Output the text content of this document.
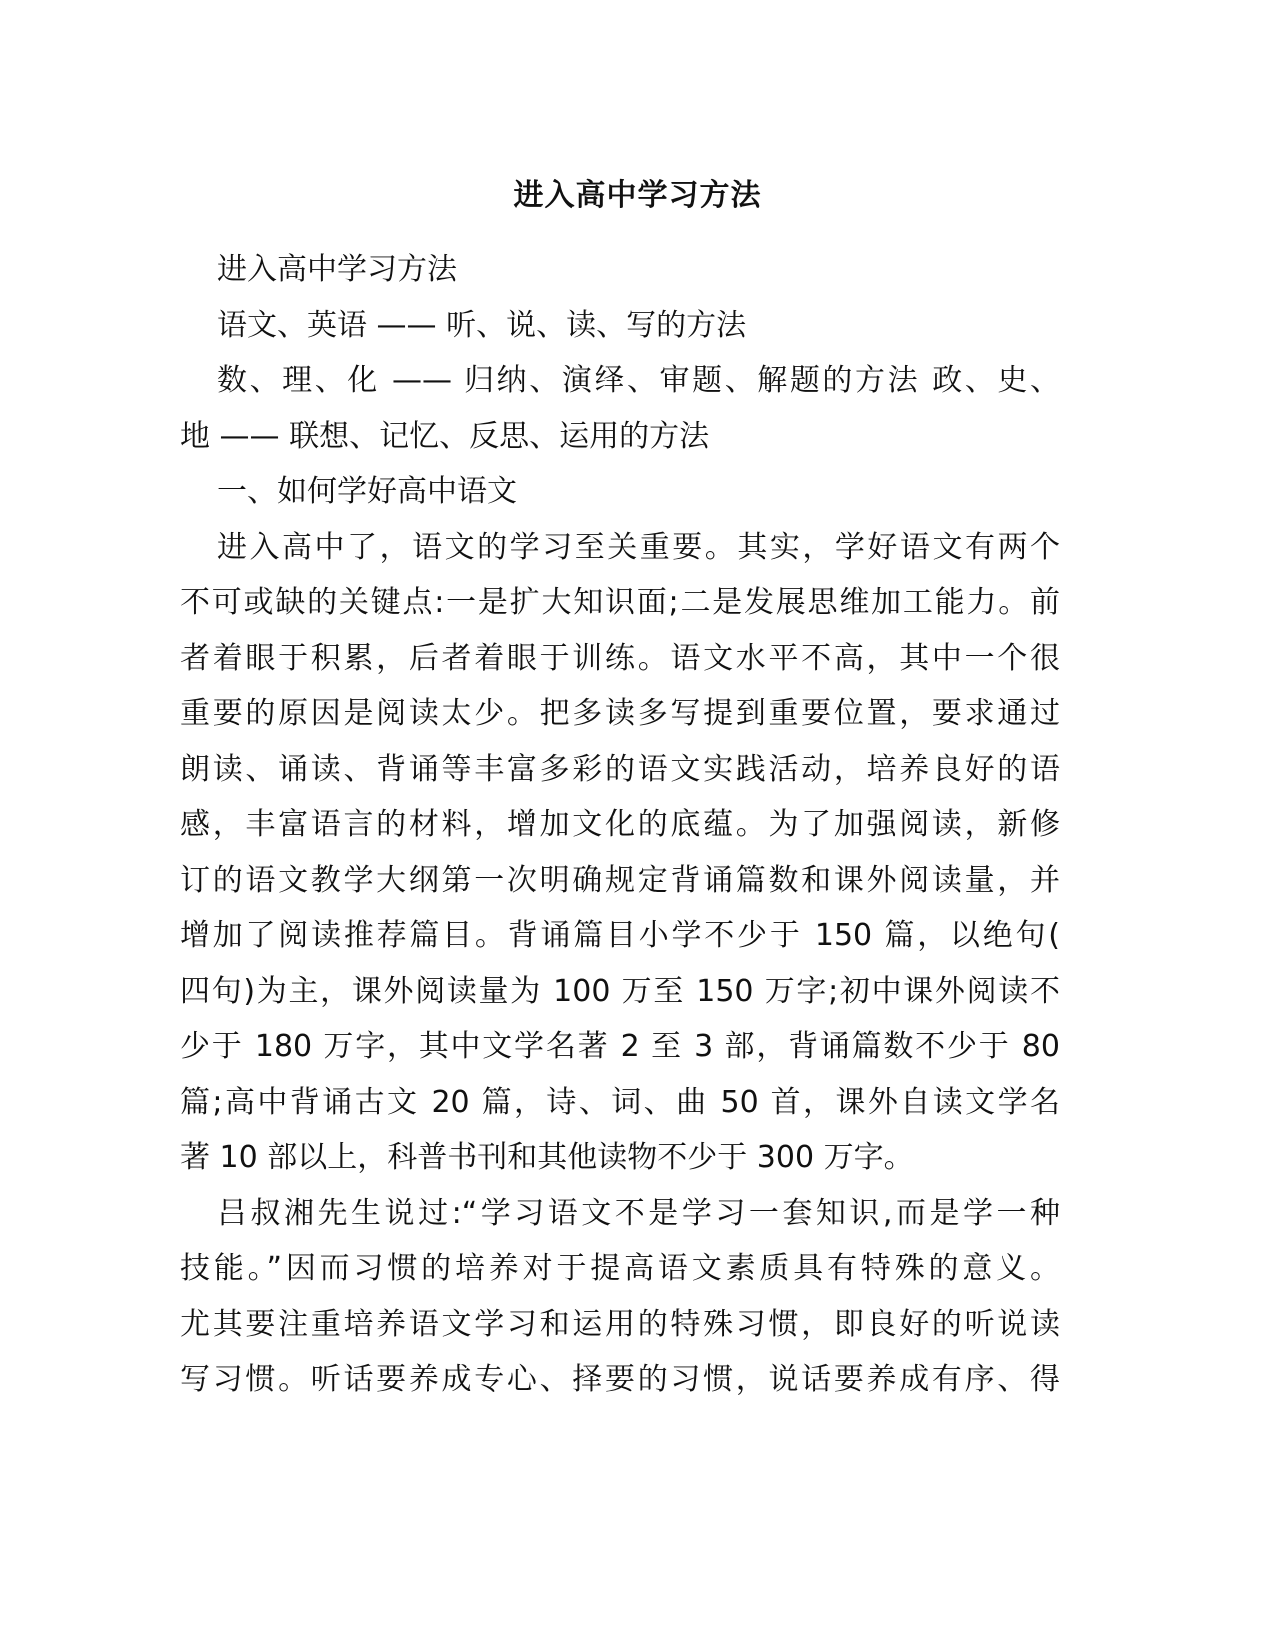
进入高中学习方法

进入高中学习方法

语文、英语 —— 听、说、读、写的方法

数、理、化 —— 归纳、演绎、审题、解题的方法 政、史、

地 —— 联想、记忆、反思、运用的方法

一、如何学好高中语文

进入高中了，语文的学习至关重要。其实，学好语文有两个

不可或缺的关键点:一是扩大知识面;二是发展思维加工能力。前

者着眼于积累，后者着眼于训练。语文水平不高，其中一个很

重要的原因是阅读太少。把多读多写提到重要位置，要求通过

朗读、诵读、背诵等丰富多彩的语文实践活动，培养良好的语

感，丰富语言的材料，增加文化的底蕴。为了加强阅读，新修

订的语文教学大纲第一次明确规定背诵篇数和课外阅读量，并

增加了阅读推荐篇目。背诵篇目小学不少于 150 篇，以绝句(

四句)为主，课外阅读量为 100 万至 150 万字;初中课外阅读不

少于 180 万字，其中文学名著 2 至 3 部，背诵篇数不少于 80

篇;高中背诵古文 20 篇，诗、词、曲 50 首，课外自读文学名

著 10 部以上，科普书刊和其他读物不少于 300 万字。

吕叔湘先生说过:“学习语文不是学习一套知识,而是学一种

技能。”因而习惯的培养对于提高语文素质具有特殊的意义。

尤其要注重培养语文学习和运用的特殊习惯，即良好的听说读

写习惯。听话要养成专心、择要的习惯，说话要养成有序、得
